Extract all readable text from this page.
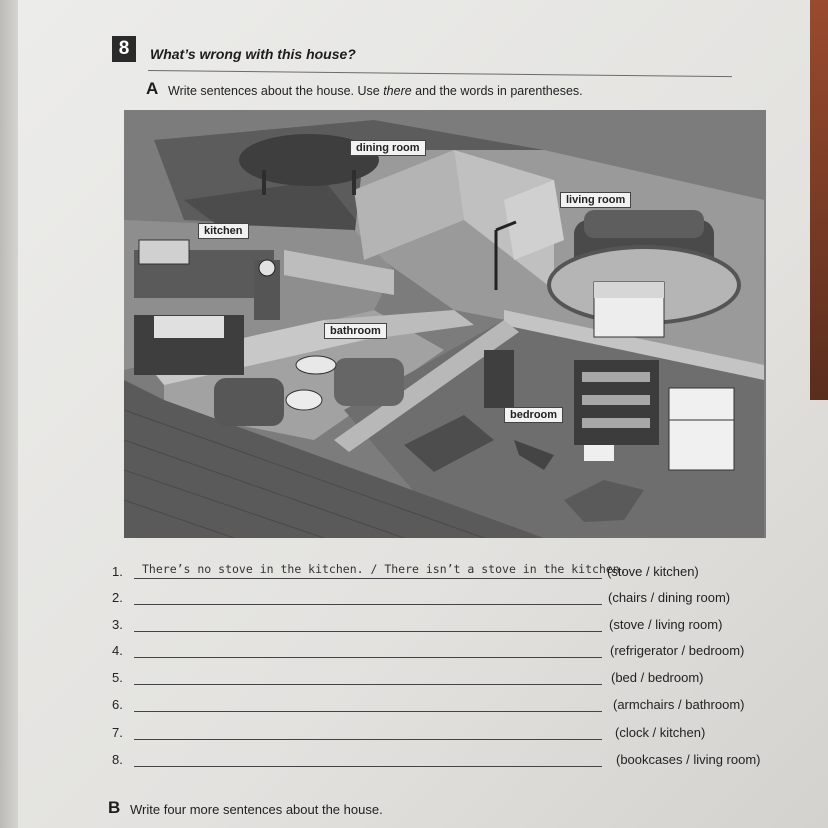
8	What’s wrong with this house?
A Write sentences about the house. Use there and the words in parentheses.
dining room
living room
kitchen
bathroom
bedroom
1. There’s no stove in the kitchen. / There isn’t a stove in the kitchen.
(stove / kitchen)
2.	(chairs / dining room)
3.	(stove / living room)
4.	(refrigerator / bedroom)
5.	(bed / bedroom)
6.	(armchairs / bathroom)
7.	(clock / kitchen)
8.	(bookcases / living room)
B Write four more sentences about the house.
